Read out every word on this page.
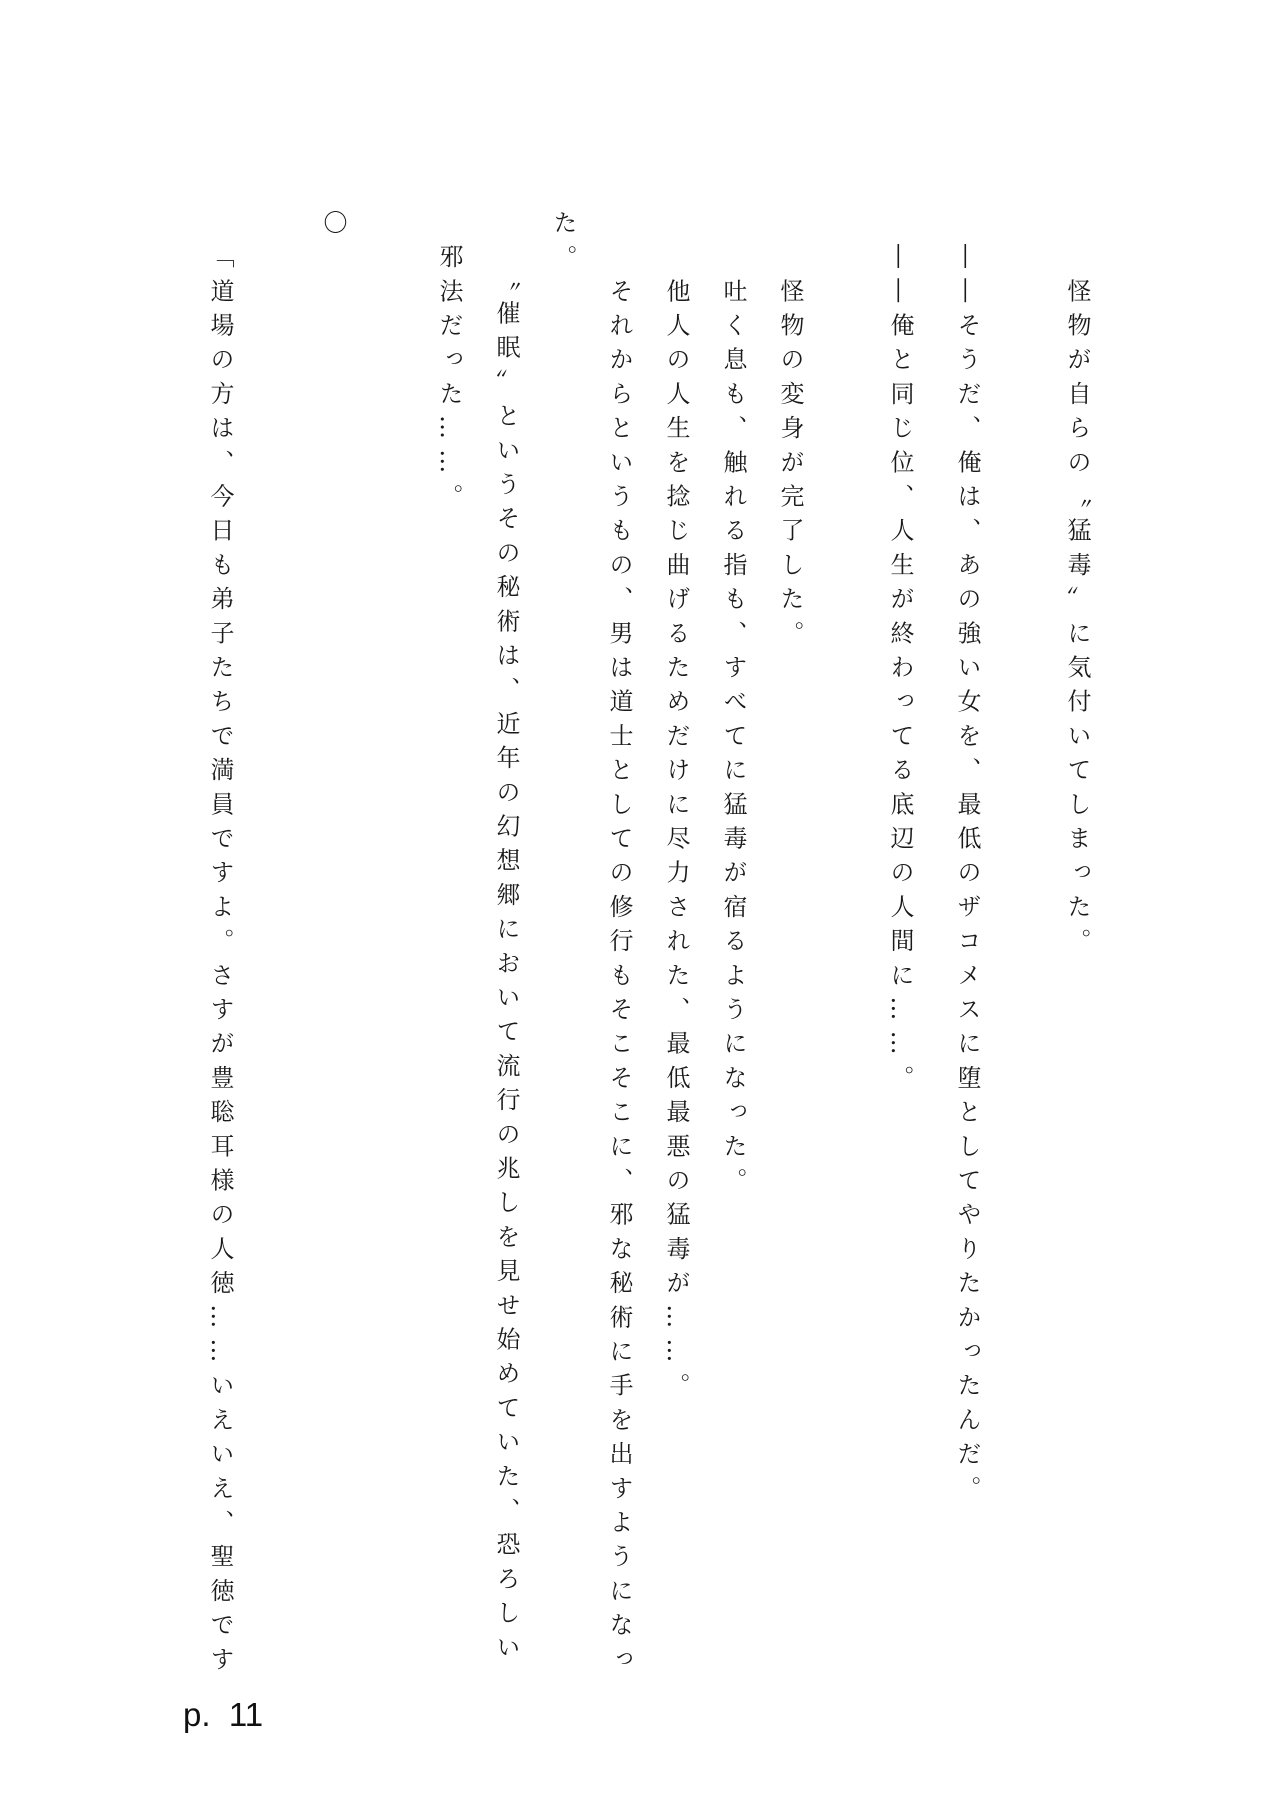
　怪物が自らの〝猛毒〟に気付いてしまった。
――そうだ、俺は、あの強い女を、最低のザコメスに堕としてやりたかったんだ。
――俺と同じ位、人生が終わってる底辺の人間に……。
　怪物の変身が完了した。
　吐く息も、触れる指も、すべてに猛毒が宿るようになった。
　他人の人生を捻じ曲げるためだけに尽力された、最低最悪の猛毒が……。
　それからというもの、男は道士としての修行もそこそこに、邪な秘術に手を出すようになっ
た。
　〝催眠〟というその秘術は、近年の幻想郷において流行の兆しを見せ始めていた、恐ろしい
邪法だった……。
〇
「道場の方は、今日も弟子たちで満員ですよ。さすが豊聡耳様の人徳……いえいえ、聖徳です
p.  11
